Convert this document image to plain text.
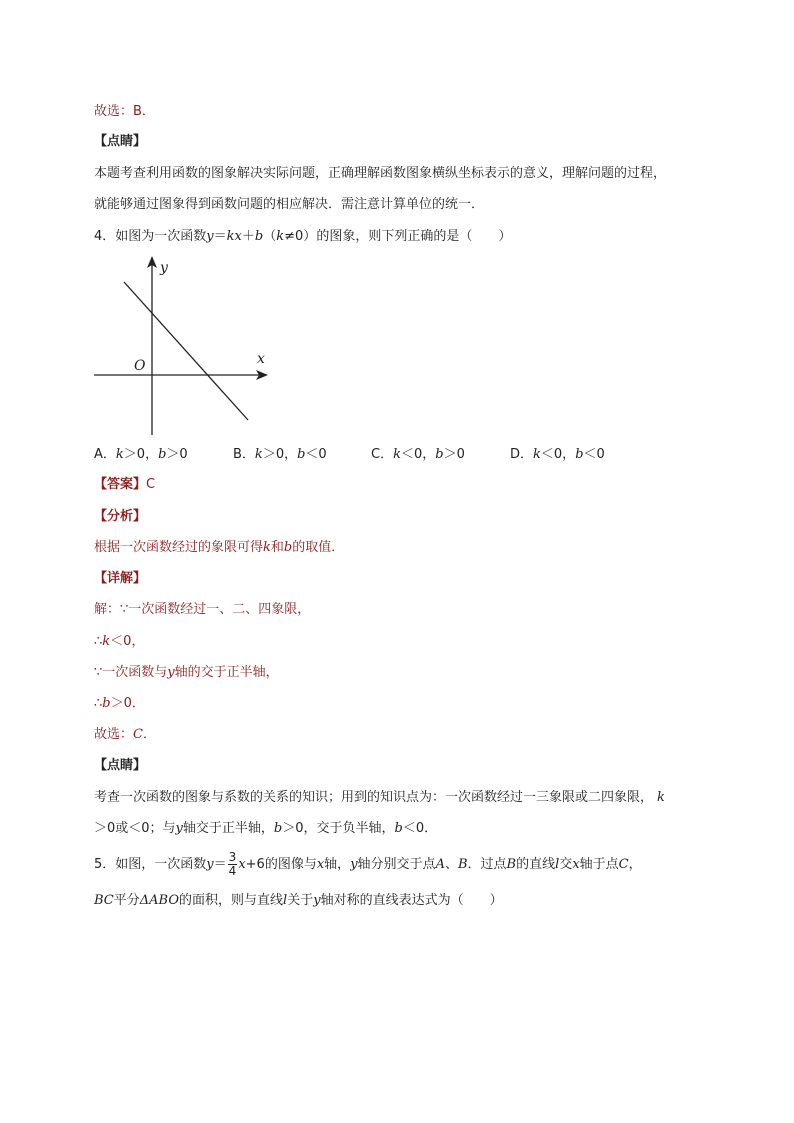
故选：B．
【点睛】
本题考查利用函数的图象解决实际问题，正确理解函数图象横纵坐标表示的意义，理解问题的过程，
就能够通过图象得到函数问题的相应解决．需注意计算单位的统一．
4．如图为一次函数y＝kx＋b（k≠0）的图象，则下列正确的是（　　）
x
y
O
A．k＞0，b＞0	B．k＞0，b＜0	C．k＜0，b＞0	D．k＜0，b＜0
【答案】C
【分析】
根据一次函数经过的象限可得k和b的取值．
【详解】
解：∵一次函数经过一、二、四象限，
∴k＜0，
∵一次函数与y轴的交于正半轴，
∴b＞0．
故选：C．
【点睛】
考查一次函数的图象与系数的关系的知识；用到的知识点为：一次函数经过一三象限或二四象限， k
＞0或＜0；与y轴交于正半轴，b＞0，交于负半轴，b＜0．
5．如图，一次函数$y= \frac{3}{4} x+6$的图像与x轴，y轴分别交于点A、B．过点B的直线l交x轴于点C，
BC平分ΔABO的面积，则与直线l关于y轴对称的直线表达式为（　　）
